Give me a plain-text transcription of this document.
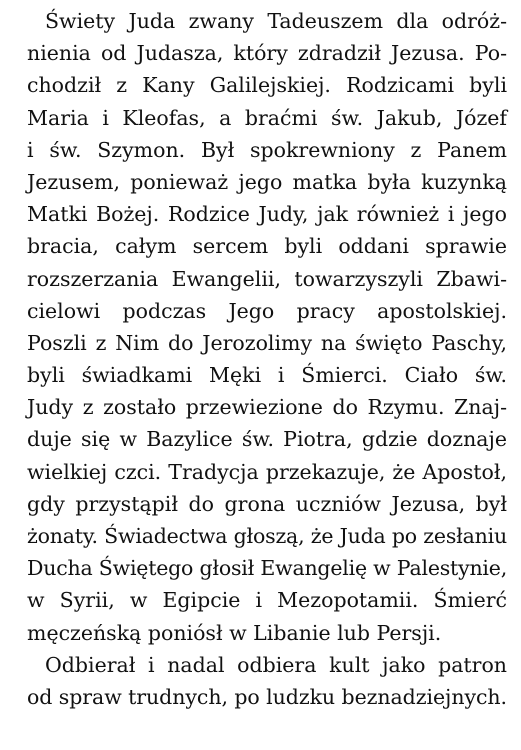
Świety Juda zwany Tadeuszem dla odróż-
nienia od Judasza, który zdradził Jezusa. Po-
chodził z Kany Galilejskiej. Rodzicami byli
Maria i Kleofas, a braćmi św. Jakub, Józef
i św. Szymon. Był spokrewniony z Panem
Jezusem, ponieważ jego matka była kuzynką
Matki Bożej. Rodzice Judy, jak również i jego
bracia, całym sercem byli oddani sprawie
rozszerzania Ewangelii, towarzyszyli Zbawi-
cielowi podczas Jego pracy apostolskiej.
Poszli z Nim do Jerozolimy na święto Paschy,
byli świadkami Męki i Śmierci. Ciało św.
Judy z zostało przewiezione do Rzymu. Znaj-
duje się w Bazylice św. Piotra, gdzie doznaje
wielkiej czci. Tradycja przekazuje, że Apostoł,
gdy przystąpił do grona uczniów Jezusa, był
żonaty. Świadectwa głoszą, że Juda po zesłaniu
Ducha Świętego głosił Ewangelię w Palestynie,
w Syrii, w Egipcie i Mezopotamii. Śmierć
męczeńską poniósł w Libanie lub Persji.
Odbierał i nadal odbiera kult jako patron
od spraw trudnych, po ludzku beznadziejnych.
